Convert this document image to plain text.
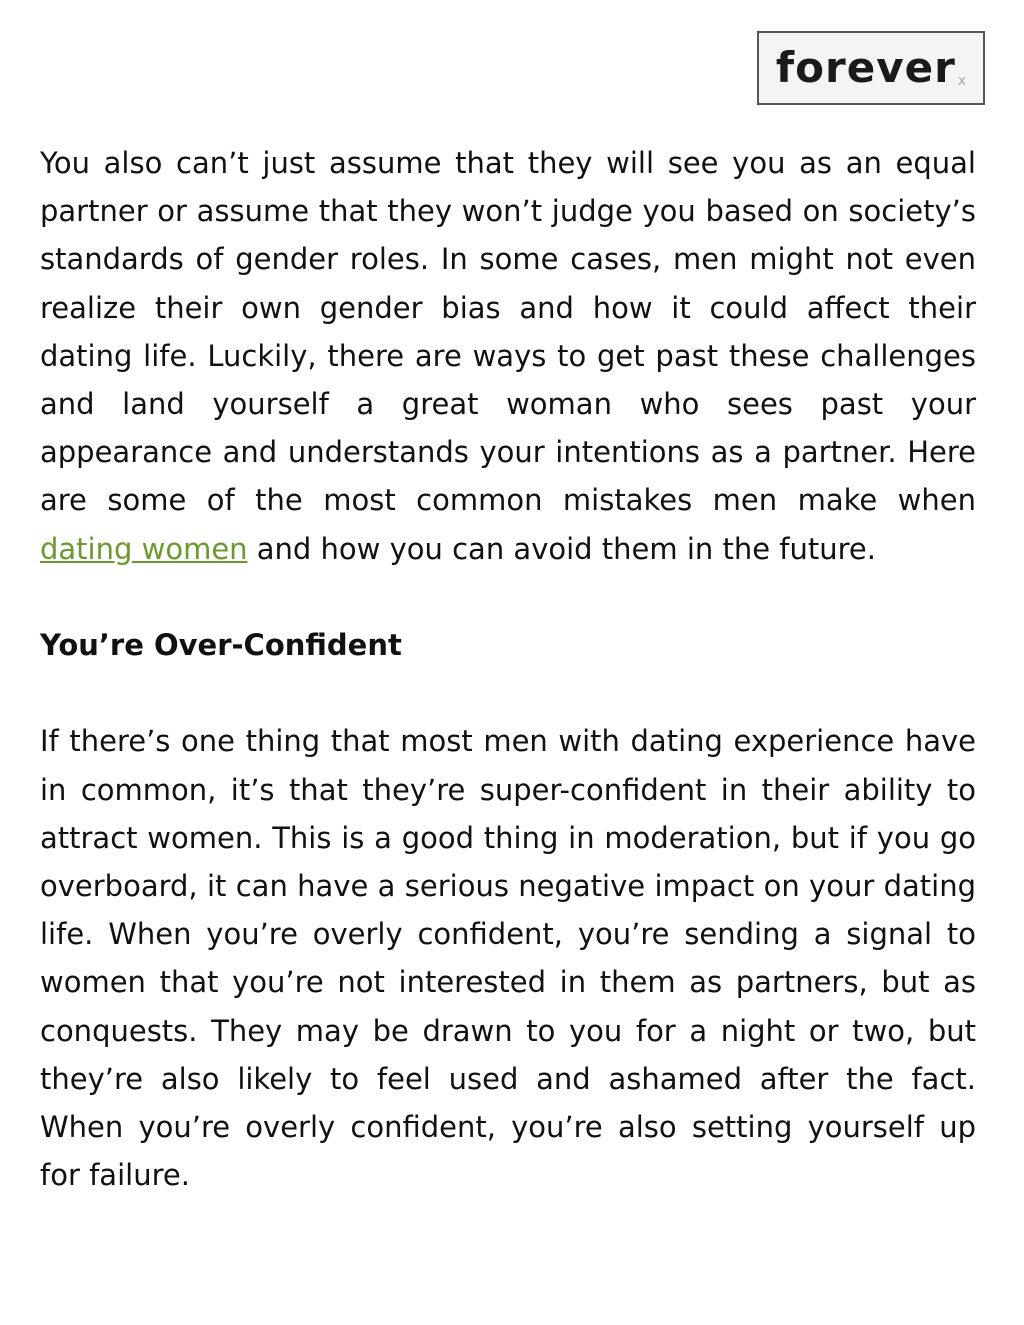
forever x

You also can’t just assume that they will see you as an equal partner or assume that they won’t judge you based on society’s standards of gender roles. In some cases, men might not even realize their own gender bias and how it could affect their dating life. Luckily, there are ways to get past these challenges and land yourself a great woman who sees past your appearance and understands your intentions as a partner. Here are some of the most common mistakes men make when dating women and how you can avoid them in the future.

You’re Over-Confident

If there’s one thing that most men with dating experience have in common, it’s that they’re super-confident in their ability to attract women. This is a good thing in moderation, but if you go overboard, it can have a serious negative impact on your dating life. When you’re overly confident, you’re sending a signal to women that you’re not interested in them as partners, but as conquests. They may be drawn to you for a night or two, but they’re also likely to feel used and ashamed after the fact. When you’re overly confident, you’re also setting yourself up for failure.
